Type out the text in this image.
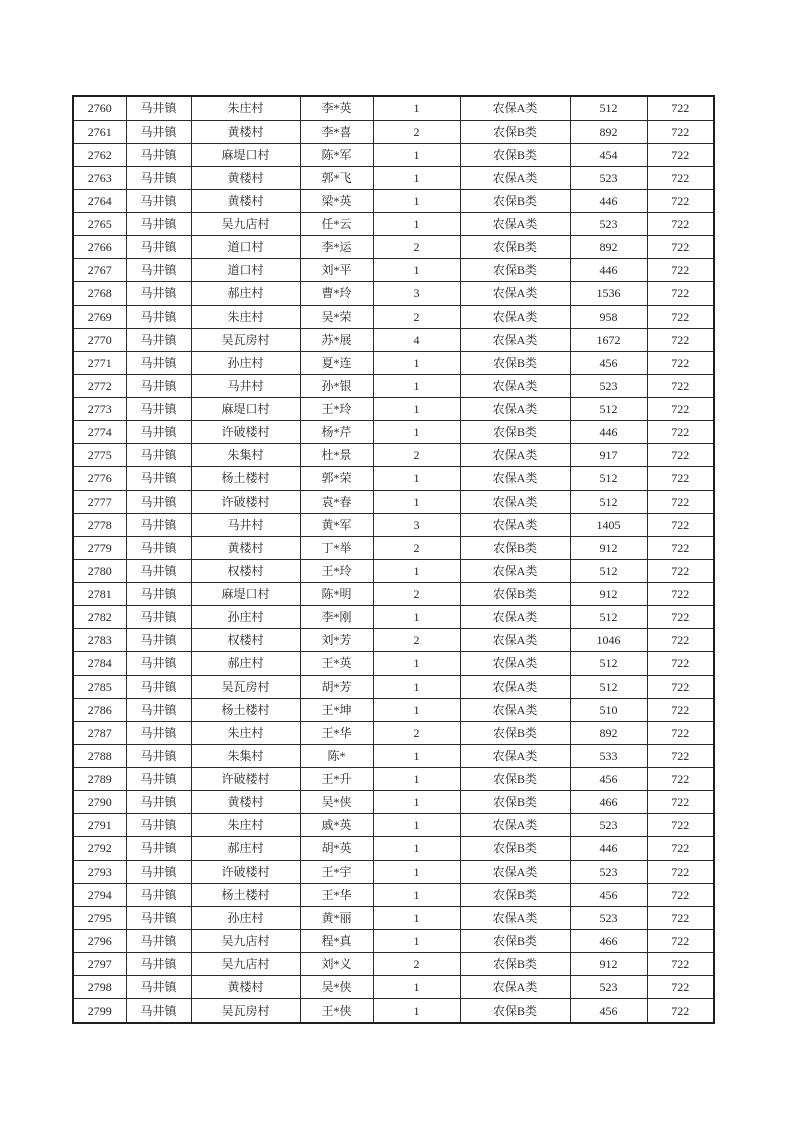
2760	马井镇	朱庄村	李*英	1	农保A类	512	722
2761	马井镇	黄楼村	李*喜	2	农保B类	892	722
2762	马井镇	麻堤口村	陈*军	1	农保B类	454	722
2763	马井镇	黄楼村	郭*飞	1	农保A类	523	722
2764	马井镇	黄楼村	梁*英	1	农保B类	446	722
2765	马井镇	吴九店村	任*云	1	农保A类	523	722
2766	马井镇	道口村	李*运	2	农保B类	892	722
2767	马井镇	道口村	刘*平	1	农保B类	446	722
2768	马井镇	郝庄村	曹*玲	3	农保A类	1536	722
2769	马井镇	朱庄村	吴*荣	2	农保A类	958	722
2770	马井镇	吴瓦房村	苏*展	4	农保A类	1672	722
2771	马井镇	孙庄村	夏*连	1	农保B类	456	722
2772	马井镇	马井村	孙*银	1	农保A类	523	722
2773	马井镇	麻堤口村	王*玲	1	农保A类	512	722
2774	马井镇	许破楼村	杨*芹	1	农保B类	446	722
2775	马井镇	朱集村	杜*景	2	农保A类	917	722
2776	马井镇	杨土楼村	郭*荣	1	农保A类	512	722
2777	马井镇	许破楼村	袁*春	1	农保A类	512	722
2778	马井镇	马井村	黄*军	3	农保A类	1405	722
2779	马井镇	黄楼村	丁*举	2	农保B类	912	722
2780	马井镇	权楼村	王*玲	1	农保A类	512	722
2781	马井镇	麻堤口村	陈*明	2	农保B类	912	722
2782	马井镇	孙庄村	李*刚	1	农保A类	512	722
2783	马井镇	权楼村	刘*芳	2	农保A类	1046	722
2784	马井镇	郝庄村	王*英	1	农保A类	512	722
2785	马井镇	吴瓦房村	胡*芳	1	农保A类	512	722
2786	马井镇	杨土楼村	王*坤	1	农保A类	510	722
2787	马井镇	朱庄村	王*华	2	农保B类	892	722
2788	马井镇	朱集村	陈*	1	农保A类	533	722
2789	马井镇	许破楼村	王*升	1	农保B类	456	722
2790	马井镇	黄楼村	吴*侠	1	农保B类	466	722
2791	马井镇	朱庄村	戚*英	1	农保A类	523	722
2792	马井镇	郝庄村	胡*英	1	农保B类	446	722
2793	马井镇	许破楼村	王*宇	1	农保A类	523	722
2794	马井镇	杨土楼村	王*华	1	农保B类	456	722
2795	马井镇	孙庄村	黄*丽	1	农保A类	523	722
2796	马井镇	吴九店村	程*真	1	农保B类	466	722
2797	马井镇	吴九店村	刘*义	2	农保B类	912	722
2798	马井镇	黄楼村	吴*侠	1	农保A类	523	722
2799	马井镇	吴瓦房村	王*侠	1	农保B类	456	722
